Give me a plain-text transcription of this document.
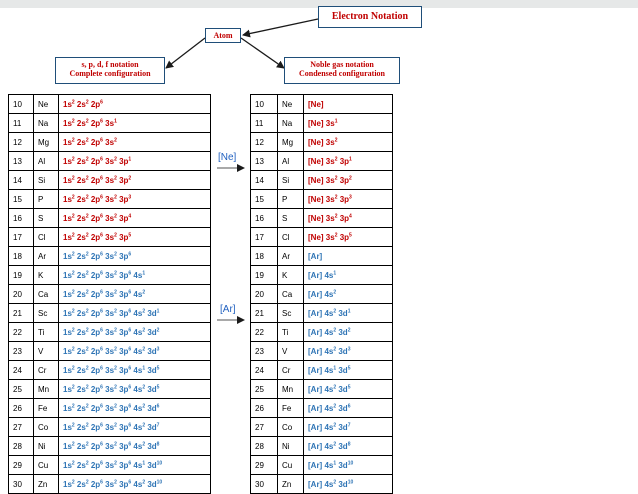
Electron Notation
Atom
s, p, d, f notation
Complete configuration
Noble gas notation
Condensed configuration
10	Ne	$1s^2$ $2s^2$ $2p^6$
11	Na	$1s^2$ $2s^2$ $2p^6$ $3s^1$
12	Mg	$1s^2$ $2s^2$ $2p^6$ $3s^2$
13	Al	$1s^2$ $2s^2$ $2p^6$ $3s^2$ $3p^1$
14	Si	$1s^2$ $2s^2$ $2p^6$ $3s^2$ $3p^2$
15	P	$1s^2$ $2s^2$ $2p^6$ $3s^2$ $3p^3$
16	S	$1s^2$ $2s^2$ $2p^6$ $3s^2$ $3p^4$
17	Cl	$1s^2$ $2s^2$ $2p^6$ $3s^2$ $3p^5$
18	Ar	$1s^2$ $2s^2$ $2p^6$ $3s^2$ $3p^6$
19	K	$1s^2$ $2s^2$ $2p^6$ $3s^2$ $3p^6$ $4s^1$
20	Ca	$1s^2$ $2s^2$ $2p^6$ $3s^2$ $3p^6$ $4s^2$
21	Sc	$1s^2$ $2s^2$ $2p^6$ $3s^2$ $3p^6$ $4s^2$ $3d^1$
22	Ti	$1s^2$ $2s^2$ $2p^6$ $3s^2$ $3p^6$ $4s^2$ $3d^2$
23	V	$1s^2$ $2s^2$ $2p^6$ $3s^2$ $3p^6$ $4s^2$ $3d^3$
24	Cr	$1s^2$ $2s^2$ $2p^6$ $3s^2$ $3p^6$ $4s^1$ $3d^5$
25	Mn	$1s^2$ $2s^2$ $2p^6$ $3s^2$ $3p^6$ $4s^2$ $3d^5$
26	Fe	$1s^2$ $2s^2$ $2p^6$ $3s^2$ $3p^6$ $4s^2$ $3d^6$
27	Co	$1s^2$ $2s^2$ $2p^6$ $3s^2$ $3p^6$ $4s^2$ $3d^7$
28	Ni	$1s^2$ $2s^2$ $2p^6$ $3s^2$ $3p^6$ $4s^2$ $3d^8$
29	Cu	$1s^2$ $2s^2$ $2p^6$ $3s^2$ $3p^6$ $4s^1$ $3d^{10}$
30	Zn	$1s^2$ $2s^2$ $2p^6$ $3s^2$ $3p^6$ $4s^2$ $3d^{10}$
10	Ne	[Ne]
11	Na	[Ne] $3s^1$
12	Mg	[Ne] $3s^2$
13	Al	[Ne] $3s^2$ $3p^1$
14	Si	[Ne] $3s^2$ $3p^2$
15	P	[Ne] $3s^2$ $3p^3$
16	S	[Ne] $3s^2$ $3p^4$
17	Cl	[Ne] $3s^2$ $3p^5$
18	Ar	[Ar]
19	K	[Ar] $4s^1$
20	Ca	[Ar] $4s^2$
21	Sc	[Ar] $4s^2$ $3d^1$
22	Ti	[Ar] $4s^2$ $3d^2$
23	V	[Ar] $4s^2$ $3d^3$
24	Cr	[Ar] $4s^1$ $3d^5$
25	Mn	[Ar] $4s^2$ $3d^5$
26	Fe	[Ar] $4s^2$ $3d^6$
27	Co	[Ar] $4s^2$ $3d^7$
28	Ni	[Ar] $4s^2$ $3d^8$
29	Cu	[Ar] $4s^1$ $3d^{10}$
30	Zn	[Ar] $4s^2$ $3d^{10}$
[Ne]
[Ar]
